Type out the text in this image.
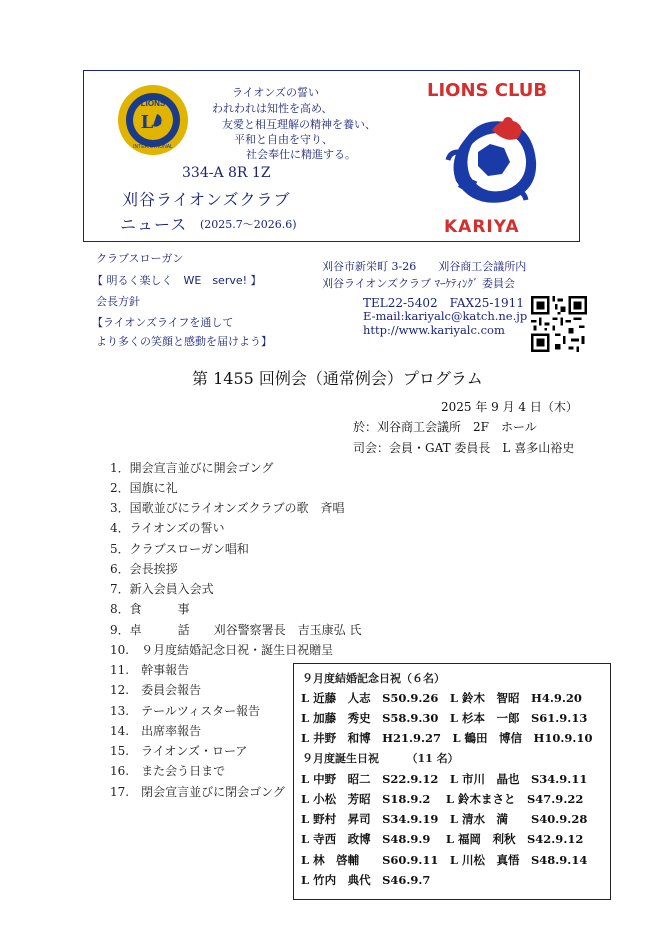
LIONS
INTERNATIONAL
L
ライオンズの誓い
われわれは知性を高め、
友愛と相互理解の精神を養い、
平和と自由を守り、
社会奉仕に精進する。
334-A 8R 1Z
刈谷ライオンズクラブ
ニュース (2025.7〜2026.6)
LIONS CLUB
KARIYA
クラブスローガン
【 明るく楽しく　WE　serve! 】
会長方針
【ライオンズライフを通して
より多くの笑顔と感動を届けよう】
刈谷市新栄町 3-26　　刈谷商工会議所内
刈谷ライオンズクラブ ﾏｰｹﾃｨﾝｸﾞ 委員会
TEL22-5402　FAX25-1911
E-mail:kariyalc@katch.ne.jp
http://www.kariyalc.com
第 1455 回例会（通常例会）プログラム
2025 年 9 月 4 日（木）
於：刈谷商工会議所　2F　ホール
司会：会員・GAT 委員長　L 喜多山裕史
1．開会宣言並びに開会ゴング
2．国旗に礼
3．国歌並びにライオンズクラブの歌　斉唱
4．ライオンズの誓い
5．クラブスローガン唱和
6．会長挨拶
7．新入会員入会式
8．食　　　事
9．卓　　　話　　刈谷警察署長　吉玉康弘 氏
10.　９月度結婚記念日祝・誕生日祝贈呈
11.　幹事報告
12.　委員会報告
13.　テールツィスター報告
14.　出席率報告
15.　ライオンズ・ローア
16.　また会う日まで
17.　閉会宣言並びに閉会ゴング
９月度結婚記念日祝（６名）
L 近藤　人志　S50.9.26　L 鈴木　智昭　H4.9.20
L 加藤　秀史　S58.9.30　L 杉本　一郎　S61.9.13
L 井野　和博　H21.9.27　L 鶴田　博信　H10.9.10
９月度誕生日祝　　　（11 名）
L 中野　昭二　S22.9.12　L 市川　晶也　S34.9.11
L 小松　芳昭　S18.9.2　 L 鈴木まさと　S47.9.22
L 野村　昇司　S34.9.19　L 清水　満　　S40.9.28
L 寺西　政博　S48.9.9　 L 福岡　利秋　S42.9.12
L 林　啓輔　　S60.9.11　L 川松　真悟　S48.9.14
L 竹内　典代　S46.9.7
